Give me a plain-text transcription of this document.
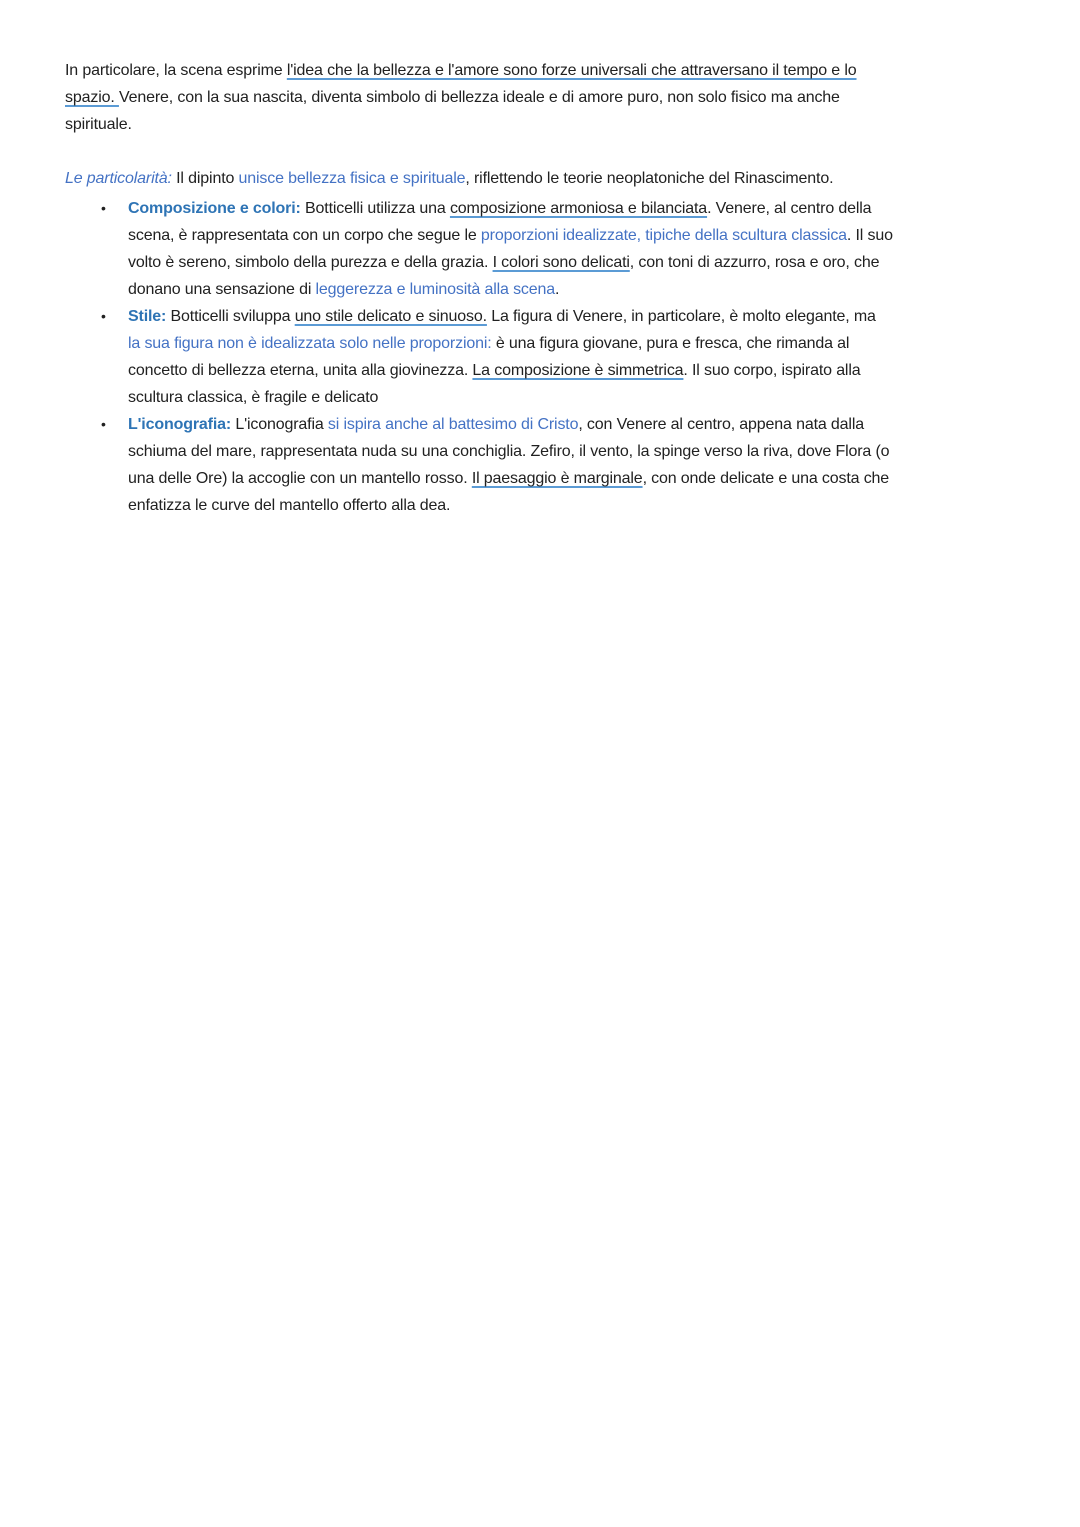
In particolare, la scena esprime l'idea che la bellezza e l'amore sono forze universali che attraversano il tempo e lo
spazio. Venere, con la sua nascita, diventa simbolo di bellezza ideale e di amore puro, non solo fisico ma anche
spirituale.
Le particolarità: Il dipinto unisce bellezza fisica e spirituale, riflettendo le teorie neoplatoniche del Rinascimento.
• Composizione e colori: Botticelli utilizza una composizione armoniosa e bilanciata. Venere, al centro della
scena, è rappresentata con un corpo che segue le proporzioni idealizzate, tipiche della scultura classica. Il suo
volto è sereno, simbolo della purezza e della grazia. I colori sono delicati, con toni di azzurro, rosa e oro, che
donano una sensazione di leggerezza e luminosità alla scena.
• Stile: Botticelli sviluppa uno stile delicato e sinuoso. La figura di Venere, in particolare, è molto elegante, ma
la sua figura non è idealizzata solo nelle proporzioni: è una figura giovane, pura e fresca, che rimanda al
concetto di bellezza eterna, unita alla giovinezza. La composizione è simmetrica. Il suo corpo, ispirato alla
scultura classica, è fragile e delicato
• L'iconografia: L'iconografia si ispira anche al battesimo di Cristo, con Venere al centro, appena nata dalla
schiuma del mare, rappresentata nuda su una conchiglia. Zefiro, il vento, la spinge verso la riva, dove Flora (o
una delle Ore) la accoglie con un mantello rosso. Il paesaggio è marginale, con onde delicate e una costa che
enfatizza le curve del mantello offerto alla dea.
